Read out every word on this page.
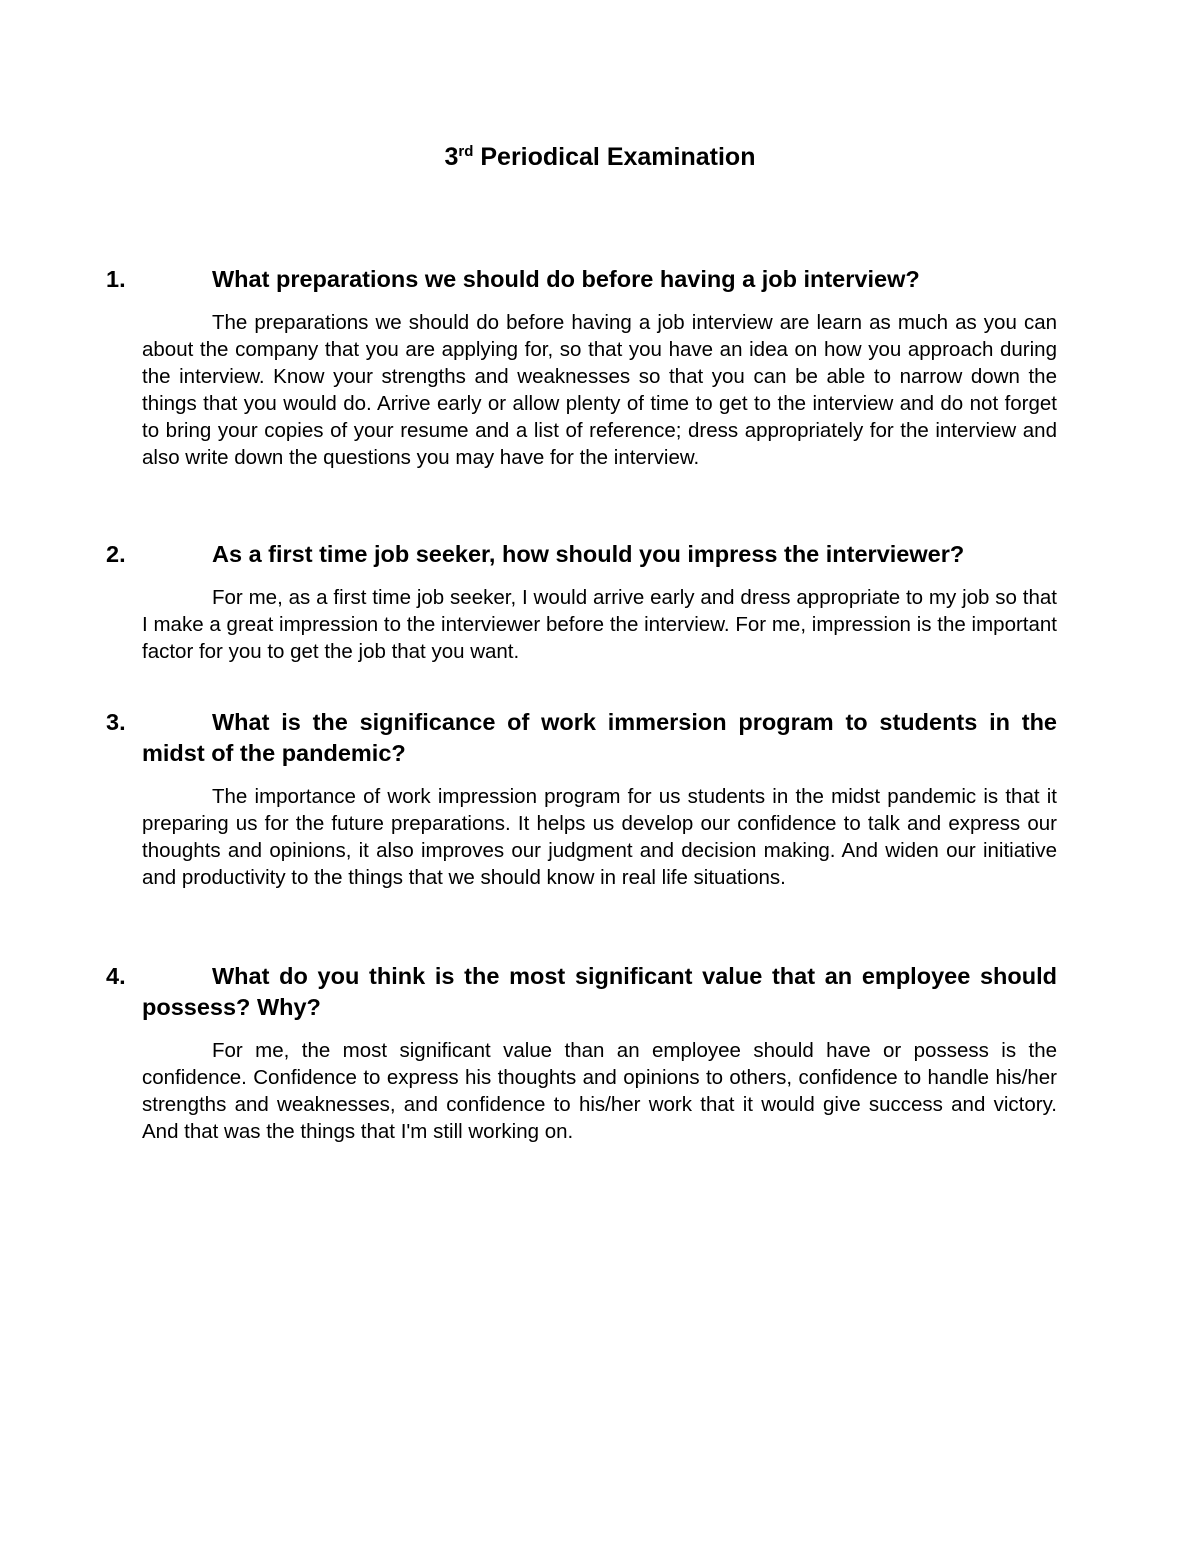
3rd Periodical Examination

1.	What preparations we should do before having a job interview?

The preparations we should do before having a job interview are learn as much as you can about the company that you are applying for, so that you have an idea on how you approach during the interview. Know your strengths and weaknesses so that you can be able to narrow down the things that you would do. Arrive early or allow plenty of time to get to the interview and do not forget to bring your copies of your resume and a list of reference; dress appropriately for the interview and also write down the questions you may have for the interview.

2.	As a first time job seeker, how should you impress the interviewer?

For me, as a first time job seeker, I would arrive early and dress appropriate to my job so that I make a great impression to the interviewer before the interview. For me, impression is the important factor for you to get the job that you want.

3.	What is the significance of work immersion program to students in the midst of the pandemic?

The importance of work impression program for us students in the midst pandemic is that it preparing us for the future preparations. It helps us develop our confidence to talk and express our thoughts and opinions, it also improves our judgment and decision making. And widen our initiative and productivity to the things that we should know in real life situations.

4.	What do you think is the most significant value that an employee should possess? Why?

For me, the most significant value than an employee should have or possess is the confidence. Confidence to express his thoughts and opinions to others, confidence to handle his/her strengths and weaknesses, and confidence to his/her work that it would give success and victory. And that was the things that I'm still working on.
